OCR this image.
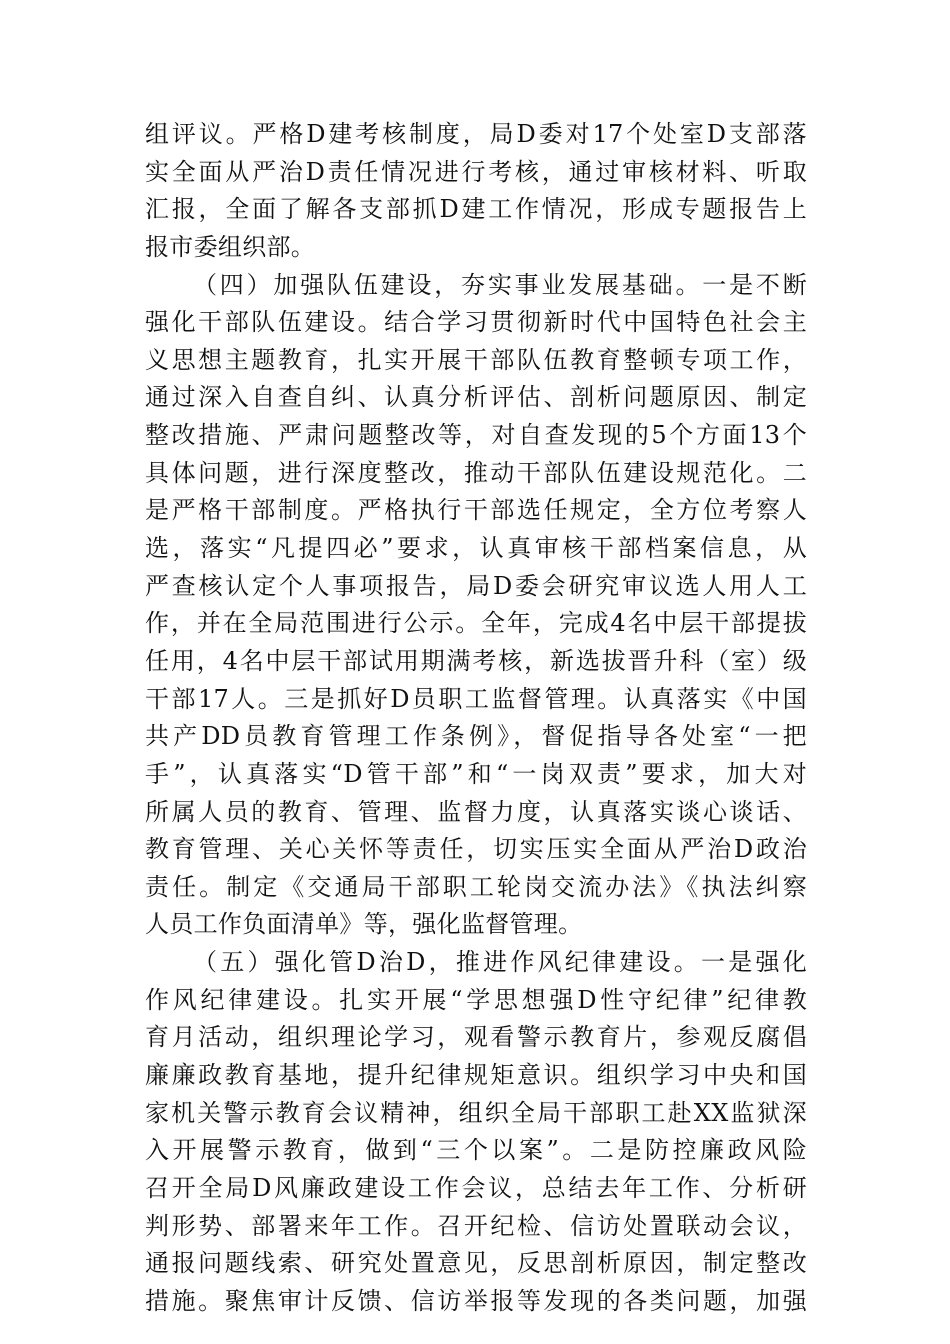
组评议。严格D建考核制度，局D委对17个处室D支部落
实全面从严治D责任情况进行考核，通过审核材料、听取
汇报，全面了解各支部抓D建工作情况，形成专题报告上
报市委组织部。
（四）加强队伍建设，夯实事业发展基础。一是不断
强化干部队伍建设。结合学习贯彻新时代中国特色社会主
义思想主题教育，扎实开展干部队伍教育整顿专项工作，
通过深入自查自纠、认真分析评估、剖析问题原因、制定
整改措施、严肃问题整改等，对自查发现的5个方面13个
具体问题，进行深度整改，推动干部队伍建设规范化。二
是严格干部制度。严格执行干部选任规定，全方位考察人
选，落实“凡提四必”要求，认真审核干部档案信息，从
严查核认定个人事项报告，局D委会研究审议选人用人工
作，并在全局范围进行公示。全年，完成4名中层干部提拔
任用，4名中层干部试用期满考核，新选拔晋升科（室）级
干部17人。三是抓好D员职工监督管理。认真落实《中国
共产DD员教育管理工作条例》，督促指导各处室“一把
手”，认真落实“D管干部”和“一岗双责”要求，加大对
所属人员的教育、管理、监督力度，认真落实谈心谈话、
教育管理、关心关怀等责任，切实压实全面从严治D政治
责任。制定《交通局干部职工轮岗交流办法》《执法纠察
人员工作负面清单》等，强化监督管理。
（五）强化管D治D，推进作风纪律建设。一是强化
作风纪律建设。扎实开展“学思想强D性守纪律”纪律教
育月活动，组织理论学习，观看警示教育片，参观反腐倡
廉廉政教育基地，提升纪律规矩意识。组织学习中央和国
家机关警示教育会议精神，组织全局干部职工赴XX监狱深
入开展警示教育，做到“三个以案”。二是防控廉政风险
召开全局D风廉政建设工作会议，总结去年工作、分析研
判形势、部署来年工作。召开纪检、信访处置联动会议，
通报问题线索、研究处置意见，反思剖析原因，制定整改
措施。聚焦审计反馈、信访举报等发现的各类问题，加强
